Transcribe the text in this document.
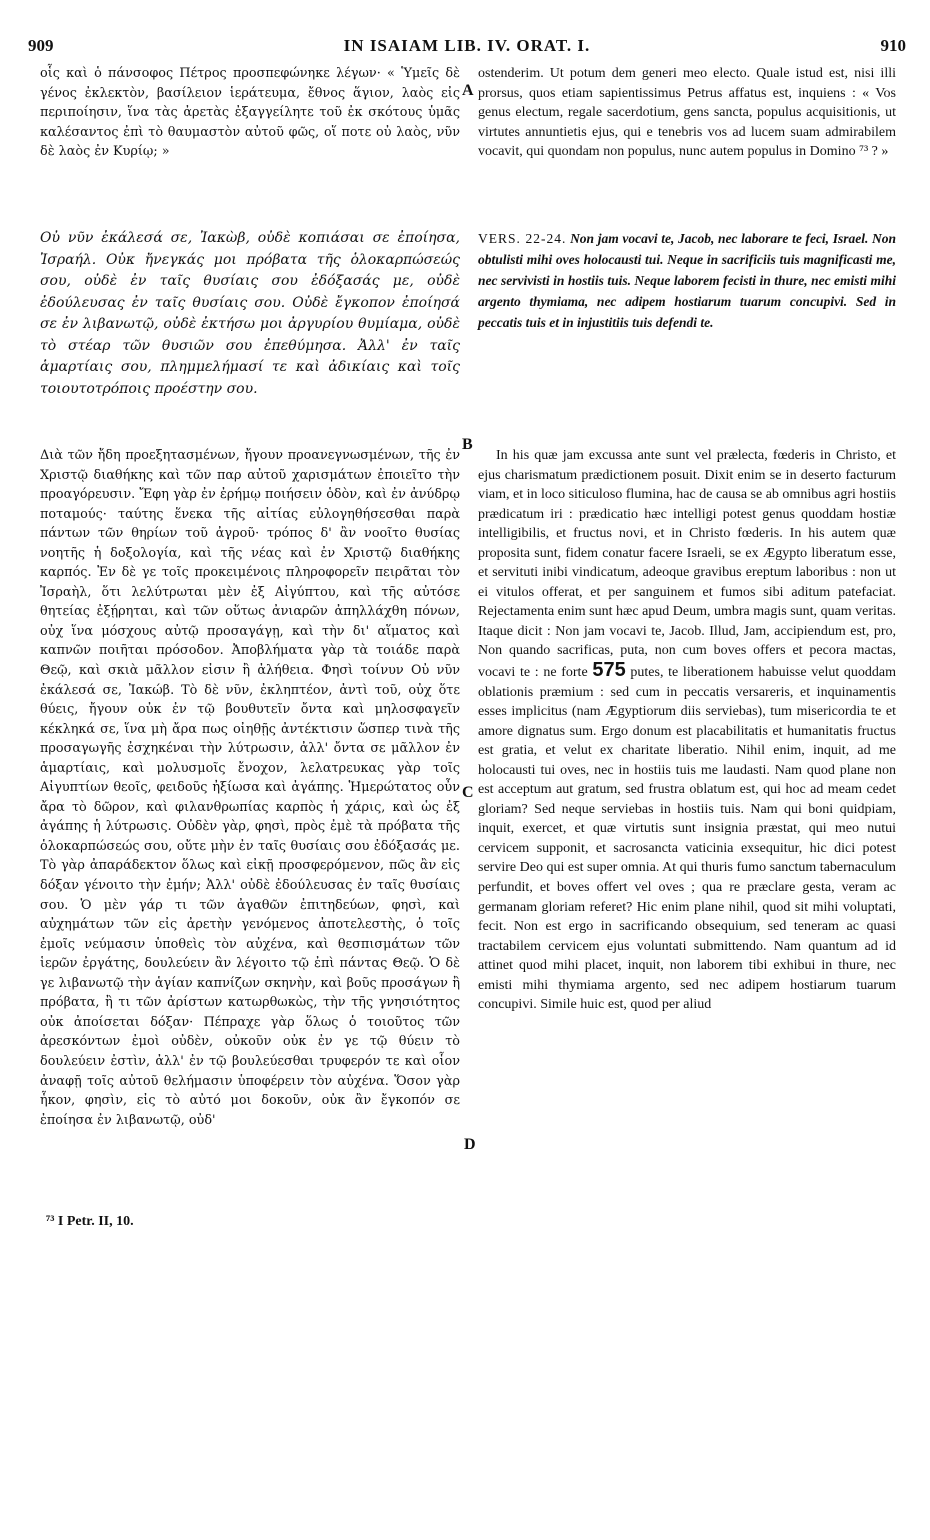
909	IN ISAIAM LIB. IV. ORAT. I.	910
A
B
C
D

οἷς καὶ ὁ πάνσοφος Πέτρος προσπεφώνηκε λέγων· « Ὑμεῖς δὲ γένος ἐκλεκτὸν, βασίλειον ἱεράτευμα, ἔθνος ἅγιον, λαὸς εἰς περιποίησιν, ἵνα τὰς ἀρετὰς ἐξαγγείλητε τοῦ ἐκ σκότους ὑμᾶς καλέσαντος ἐπὶ τὸ θαυμαστὸν αὐτοῦ φῶς, οἵ ποτε οὐ λαὸς, νῦν δὲ λαὸς ἐν Κυρίῳ; »

Οὐ νῦν ἐκάλεσά σε, Ἰακὼβ, οὐδὲ κοπιάσαι σε ἐποίησα, Ἰσραήλ. Οὐκ ἤνεγκάς μοι πρόβατα τῆς ὁλοκαρπώσεώς σου, οὐδὲ ἐν ταῖς θυσίαις σου ἐδόξασάς με, οὐδὲ ἐδούλευσας ἐν ταῖς θυσίαις σου. Οὐδὲ ἔγκοπον ἐποίησά σε ἐν λιβανωτῷ, οὐδὲ ἐκτήσω μοι ἀργυρίου θυμίαμα, οὐδὲ τὸ στέαρ τῶν θυσιῶν σου ἐπεθύμησα. Ἀλλ' ἐν ταῖς ἁμαρτίαις σου, πλημμελήμασί τε καὶ ἀδικίαις καὶ τοῖς τοιουτοτρόποις προέστην σου.

Διὰ τῶν ἤδη προεξητασμένων, ἤγουν προανεγνωσμένων, τῆς ἐν Χριστῷ διαθήκης καὶ τῶν παρ αὐτοῦ χαρισμάτων ἐποιεῖτο τὴν προαγόρευσιν. Ἔφη γὰρ ἐν ἐρήμῳ ποιήσειν ὁδὸν, καὶ ἐν ἀνύδρῳ ποταμούς· ταύτης ἕνεκα τῆς αἰτίας εὐλογηθήσεσθαι παρὰ πάντων τῶν θηρίων τοῦ ἀγροῦ· τρόπος δ' ἂν νοοῖτο θυσίας νοητῆς ἡ δοξολογία, καὶ τῆς νέας καὶ ἐν Χριστῷ διαθήκης καρπός. Ἐν δὲ γε τοῖς προκειμένοις πληροφορεῖν πειρᾶται τὸν Ἰσραὴλ, ὅτι λελύτρωται μὲν ἐξ Αἰγύπτου, καὶ τῆς αὐτόσε θητείας ἐξῄρηται, καὶ τῶν οὕτως ἀνιαρῶν ἀπηλλάχθη πόνων, οὐχ ἵνα μόσχους αὐτῷ προσαγάγῃ, καὶ τὴν δι' αἵματος καὶ καπνῶν ποιῆται πρόσοδον. Ἀποβλήματα γὰρ τὰ τοιάδε παρὰ Θεῷ, καὶ σκιὰ μᾶλλον εἰσιν ἢ ἀλήθεια. Φησὶ τοίνυν Οὐ νῦν ἐκάλεσά σε, Ἰακώβ. Τὸ δὲ νῦν, ἐκληπτέον, ἀντὶ τοῦ, οὐχ ὅτε θύεις, ἤγουν οὐκ ἐν τῷ βουθυτεῖν ὄντα καὶ μηλοσφαγεῖν κέκληκά σε, ἵνα μὴ ἄρα πως οἰηθῇς ἀντέκτισιν ὥσπερ τινὰ τῆς προσαγωγῆς ἐσχηκέναι τὴν λύτρωσιν, ἀλλ' ὄντα σε μᾶλλον ἐν ἁμαρτίαις, καὶ μολυσμοῖς ἔνοχον, λελατρευκας γὰρ τοῖς Αἰγυπτίων θεοῖς, φειδοῦς ἠξίωσα καὶ ἀγάπης. Ἡμερώτατος οὖν ἄρα τὸ δῶρον, καὶ φιλανθρωπίας καρπὸς ἡ χάρις, καὶ ὡς ἐξ ἀγάπης ἡ λύτρωσις. Οὐδὲν γὰρ, φησὶ, πρὸς ἐμὲ τὰ πρόβατα τῆς ὁλοκαρπώσεώς σου, οὔτε μὴν ἐν ταῖς θυσίαις σου ἐδόξασάς με. Τὸ γὰρ ἀπαράδεκτον ὅλως καὶ εἰκῇ προσφερόμενον, πῶς ἂν εἰς δόξαν γένοιτο τὴν ἐμήν; Ἀλλ' οὐδὲ ἐδούλευσας ἐν ταῖς θυσίαις σου. Ὁ μὲν γάρ τι τῶν ἀγαθῶν ἐπιτηδεύων, φησὶ, καὶ αὐχημάτων τῶν εἰς ἀρετὴν γενόμενος ἀποτελεστὴς, ὁ τοῖς ἐμοῖς νεύμασιν ὑποθεὶς τὸν αὐχένα, καὶ θεσπισμάτων τῶν ἱερῶν ἐργάτης, δουλεύειν ἂν λέγοιτο τῷ ἐπὶ πάντας Θεῷ. Ὁ δὲ γε λιβανωτῷ τὴν ἁγίαν καπνίζων σκηνὴν, καὶ βοῦς προσάγων ἢ πρόβατα, ἢ τι τῶν ἀρίστων κατωρθωκὼς, τὴν τῆς γνησιότητος οὐκ ἀποίσεται δόξαν· Πέπραχε γὰρ ὅλως ὁ τοιοῦτος τῶν ἀρεσκόντων ἐμοὶ οὐδὲν, οὐκοῦν οὐκ ἐν γε τῷ θύειν τὸ δουλεύειν ἐστὶν, ἀλλ' ἐν τῷ βουλεύεσθαι τρυφερόν τε καὶ οἷον ἀναφῇ τοῖς αὐτοῦ θελήμασιν ὑποφέρειν τὸν αὐχένα. Ὅσον γὰρ ἧκον, φησὶν, εἰς τὸ αὐτό μοι δοκοῦν, οὐκ ἂν ἔγκοπόν σε ἐποίησα ἐν λιβανωτῷ, οὐδ'

ostenderim. Ut potum dem generi meo electo. Quale istud est, nisi illi prorsus, quos etiam sapientissimus Petrus affatus est, inquiens : « Vos genus electum, regale sacerdotium, gens sancta, populus acquisitionis, ut virtutes annuntietis ejus, qui e tenebris vos ad lucem suam admirabilem vocavit, qui quondam non populus, nunc autem populus in Domino ⁷³ ? »

VERS. 22-24. Non jam vocavi te, Jacob, nec laborare te feci, Israel. Non obtulisti mihi oves holocausti tui. Neque in sacrificiis tuis magnificasti me, nec servivisti in hostiis tuis. Neque laborem fecisti in thure, nec emisti mihi argento thymiama, nec adipem hostiarum tuarum concupivi. Sed in peccatis tuis et in injustitiis tuis defendi te.

In his quæ jam excussa ante sunt vel prælecta, fœderis in Christo, et ejus charismatum prædictionem posuit. Dixit enim se in deserto facturum viam, et in loco siticuloso flumina, hac de causa se ab omnibus agri hostiis prædicatum iri : prædicatio hæc intelligi potest genus quoddam hostiæ intelligibilis, et fructus novi, et in Christo fœderis. In his autem quæ proposita sunt, fidem conatur facere Israeli, se ex Ægypto liberatum esse, et servituti inibi vindicatum, adeoque gravibus ereptum laboribus : non ut ei vitulos offerat, et per sanguinem et fumos sibi aditum patefaciat. Rejectamenta enim sunt hæc apud Deum, umbra magis sunt, quam veritas. Itaque dicit : Non jam vocavi te, Jacob. Illud, Jam, accipiendum est, pro, Non quando sacrificas, puta, non cum boves offers et pecora mactas, vocavi te : ne forte 575 putes, te liberationem habuisse velut quoddam oblationis præmium : sed cum in peccatis versareris, et inquinamentis esses implicitus (nam Ægyptiorum diis serviebas), tum misericordia te et amore dignatus sum. Ergo donum est placabilitatis et humanitatis fructus est gratia, et velut ex charitate liberatio. Nihil enim, inquit, ad me holocausti tui oves, nec in hostiis tuis me laudasti. Nam quod plane non est acceptum aut gratum, sed frustra oblatum est, qui hoc ad meam cedet gloriam? Sed neque serviebas in hostiis tuis. Nam qui boni quidpiam, inquit, exercet, et quæ virtutis sunt insignia præstat, qui meo nutui cervicem supponit, et sacrosancta vaticinia exsequitur, hic dici potest servire Deo qui est super omnia. At qui thuris fumo sanctum tabernaculum perfundit, et boves offert vel oves ; qua re præclare gesta, veram ac germanam gloriam referet? Hic enim plane nihil, quod sit mihi voluptati, fecit. Non est ergo in sacrificando obsequium, sed teneram ac quasi tractabilem cervicem ejus voluntati submittendo. Nam quantum ad id attinet quod mihi placet, inquit, non laborem tibi exhibui in thure, nec emisti mihi thymiama argento, sed nec adipem hostiarum tuarum concupivi. Simile huic est, quod per aliud

⁷³ I Petr. II, 10.
